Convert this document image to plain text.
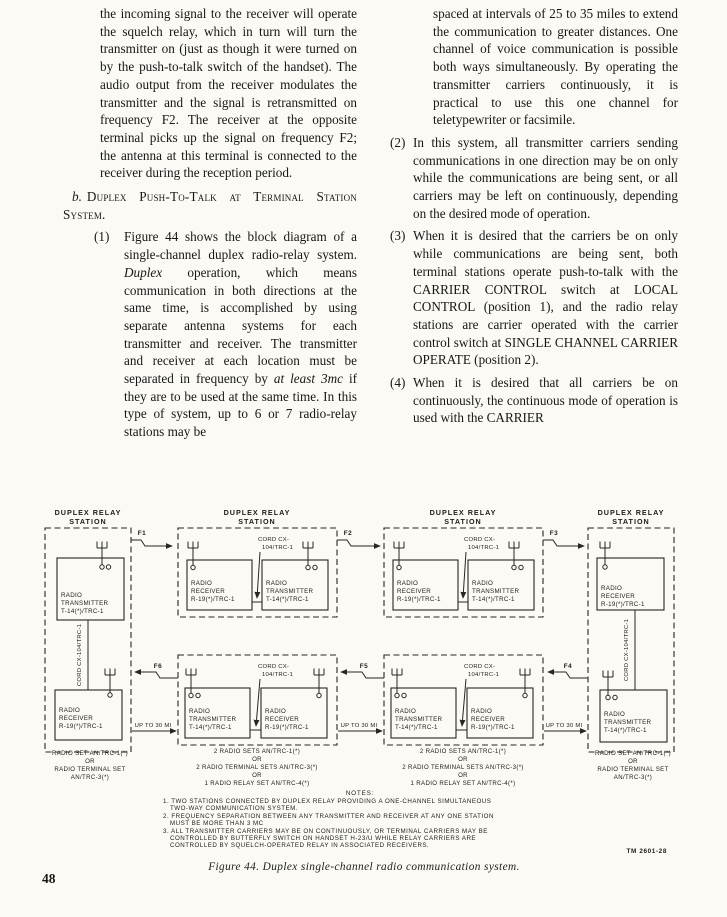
the incoming signal to the receiver will operate the squelch relay, which in turn will turn the transmitter on (just as though it were turned on by the push-to-talk switch of the handset). The audio output from the receiver modulates the transmitter and the signal is retransmitted on frequency F2. The receiver at the opposite terminal picks up the signal on frequency F2; the antenna at this terminal is connected to the receiver during the reception period.

b. Duplex Push-To-Talk at Terminal Station System.

(1)	Figure 44 shows the block diagram of a single-channel duplex radio-relay system. Duplex operation, which means communication in both directions at the same time, is accomplished by using separate antenna systems for each transmitter and receiver. The transmitter and receiver at each location must be separated in frequency by at least 3mc if they are to be used at the same time. In this type of system, up to 6 or 7 radio-relay stations may be

spaced at intervals of 25 to 35 miles to extend the communication to greater distances. One channel of voice communication is possible both ways simultaneously. By operating the transmitter carriers continuously, it is practical to use this one channel for teletypewriter or facsimile.

(2) In this system, all transmitter carriers sending communications in one direction may be on only while the communications are being sent, or all carriers may be left on continuously, depending on the desired mode of operation.
(3) When it is desired that the carriers be on only while communications are being sent, both terminal stations operate push-to-talk with the CARRIER CONTROL switch at LOCAL CONTROL (position 1), and the radio relay stations are carrier operated with the carrier control switch at SINGLE CHANNEL CARRIER OPERATE (position 2).
(4) When it is desired that all carriers be on continuously, the continuous mode of operation is used with the CARRIER
DUPLEX RELAY
STATION
RADIO
TRANSMITTER
T-14(*)/TRC-1
CORD CX-104/TRC-1
RADIO
RECEIVER
R-19(*)/TRC-1
RADIO SET AN/TRC-1(*)
OR
RADIO TERMINAL SET
AN/TRC-3(*)
DUPLEX RELAY
STATION
RADIO
RECEIVER
R-19(*)/TRC-1
RADIO
TRANSMITTER
T-14(*)/TRC-1
CORD CX-
104/TRC-1
RADIO
TRANSMITTER
T-14(*)/TRC-1
RADIO
RECEIVER
R-19(*)/TRC-1
CORD CX-
104/TRC-1
2 RADIO SETS AN/TRC-1(*)
OR
2 RADIO TERMINAL SETS AN/TRC-3(*)
OR
1 RADIO RELAY SET AN/TRC-4(*)
DUPLEX RELAY
STATION
RADIO
RECEIVER
R-19(*)/TRC-1
RADIO
TRANSMITTER
T-14(*)/TRC-1
CORD CX-
104/TRC-1
RADIO
TRANSMITTER
T-14(*)/TRC-1
RADIO
RECEIVER
R-19(*)/TRC-1
CORD CX-
104/TRC-1
2 RADIO SETS AN/TRC-1(*)
OR
2 RADIO TERMINAL SETS AN/TRC-3(*)
OR
1 RADIO RELAY SET AN/TRC-4(*)
DUPLEX RELAY
STATION
RADIO
RECEIVER
R-19(*)/TRC-1
CORD CX-104/TRC-1
RADIO
TRANSMITTER
T-14(*)/TRC-1
RADIO SET AN/TRC-1(*)
OR
RADIO TERMINAL SET
AN/TRC-3(*)
F1	F2	F3
F4
F5
F6
UP TO 30 MI	UP TO 30 MI	UP TO 30 MI
NOTES:
1. TWO STATIONS CONNECTED BY DUPLEX RELAY PROVIDING A ONE-CHANNEL SIMULTANEOUS
TWO-WAY COMMUNICATION SYSTEM.
2. FREQUENCY SEPARATION BETWEEN ANY TRANSMITTER AND RECEIVER AT ANY ONE STATION
MUST BE MORE THAN 3 MC
3. ALL TRANSMITTER CARRIERS MAY BE ON CONTINUOUSLY, OR TERMINAL CARRIERS MAY BE
CONTROLLED BY BUTTERFLY SWITCH ON HANDSET H-23/U WHILE RELAY CARRIERS ARE
CONTROLLED BY SQUELCH-OPERATED RELAY IN ASSOCIATED RECEIVERS.
TM 2601-28
Figure 44. Duplex single-channel radio communication system.
48
